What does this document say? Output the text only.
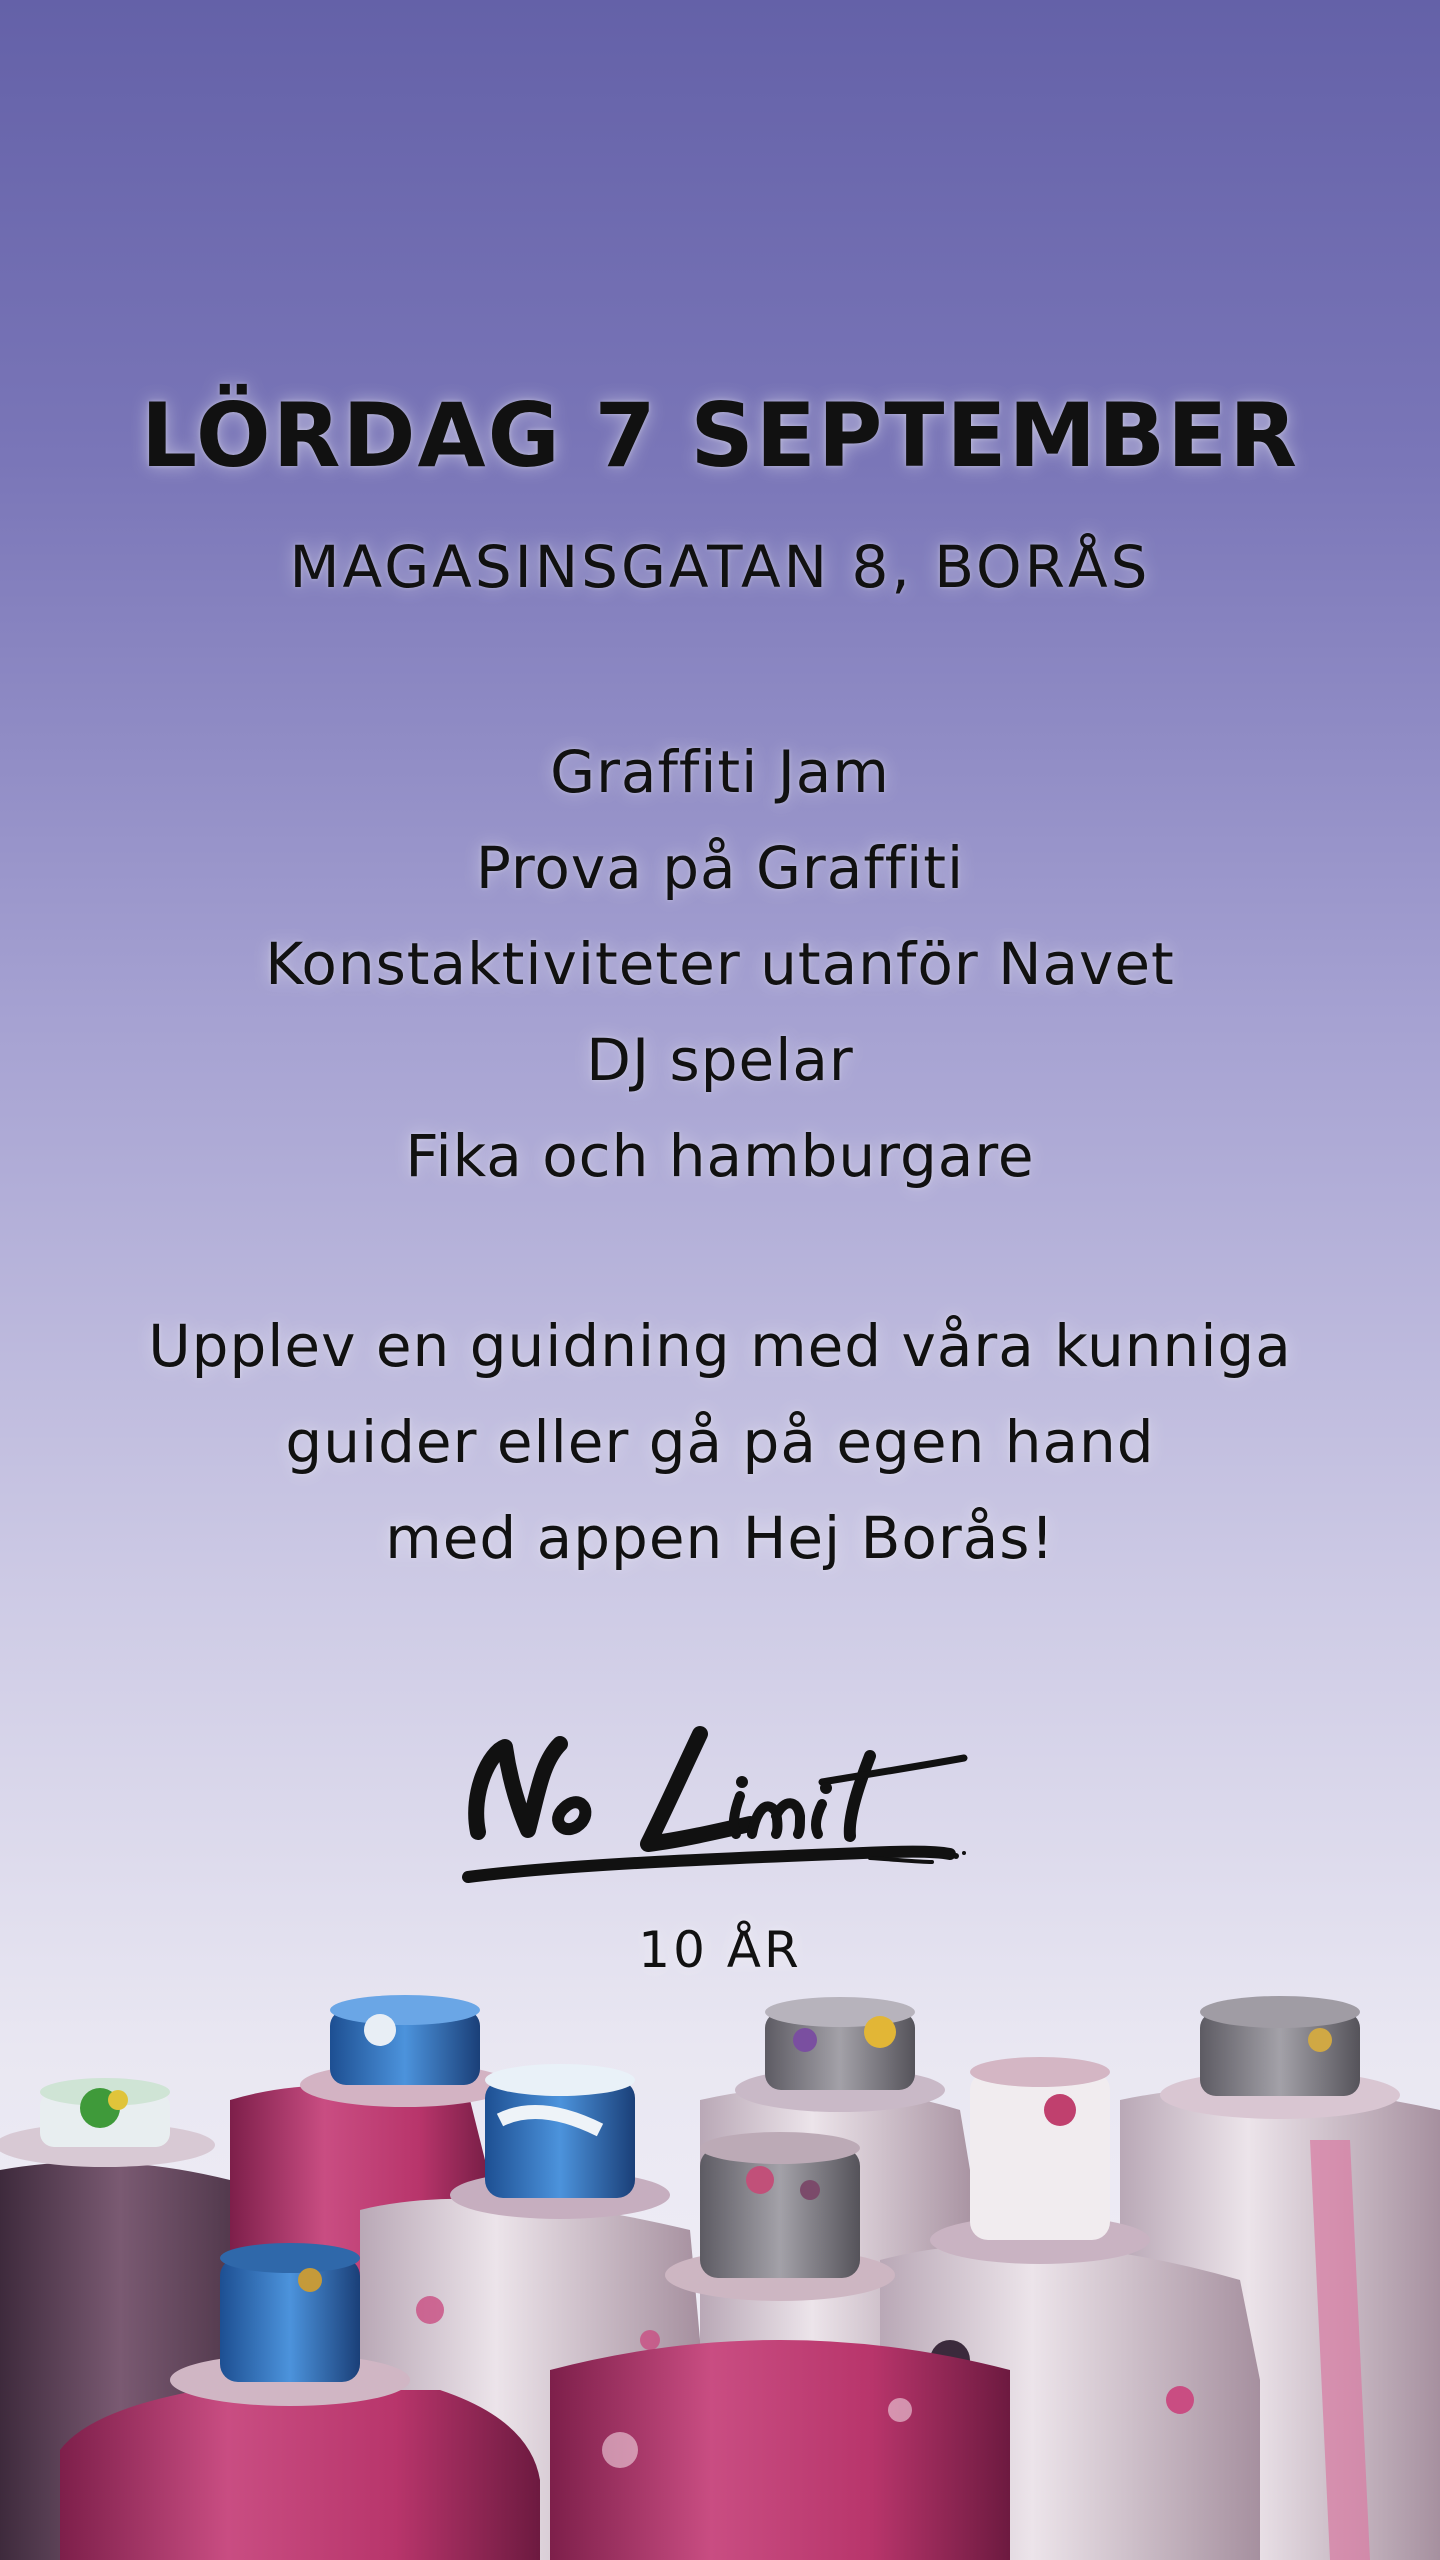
LÖRDAG 7 SEPTEMBER
MAGASINSGATAN 8, BORÅS
Graffiti Jam
Prova på Graffiti
Konstaktiviteter utanför Navet
DJ spelar
Fika och hamburgare

Upplev en guidning med våra kunniga

guider eller gå på egen hand

med appen Hej Borås!

10 ÅR
